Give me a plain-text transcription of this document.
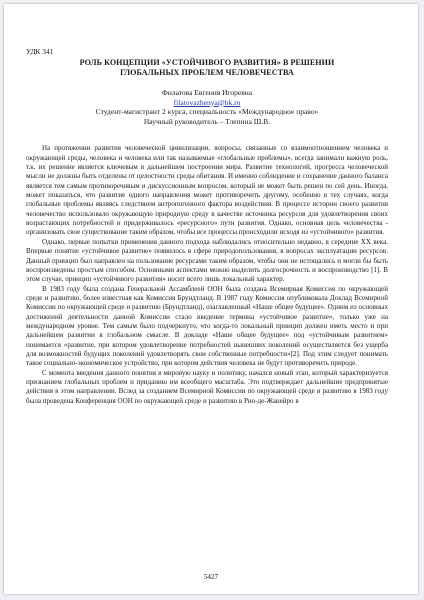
УДК 341
РОЛЬ КОНЦЕПЦИИ «УСТОЙЧИВОГО РАЗВИТИЯ» В РЕШЕНИИ
ГЛОБАЛЬНЫХ ПРОБЛЕМ ЧЕЛОВЕЧЕСТВА
Филатова Евгения Игоревна
filatovazhenya@bk.ru
Студент-магистрант 2 курса, специальность «Международное право»
Научный руководитель – Тлепина Ш.В.

На протяжении развития человеческой цивилизации, вопросы, связанные со взаимоотношением человека и окружающей среды, человека и человека или так называемые «глобальные проблемы», всегда занимали важную роль, т.к. их решение является ключевым в дальнейшем построении мира. Развитие технологий, прогресса человеческой мысли не должны быть отделены от целостности среды обитания. И именно соблюдение и сохранение данного баланса является тем самым противоречивым и дискуссионным вопросом, который не может быть решен по сей день. Иногда, может показаться, что развитие одного направления может противоречить другому, особенно в тех случаях, когда глобальные проблемы являясь следствием антропогенного фактора воздействия. В процессе истории своего развития человечество использовало окружающую природную среду в качестве источника ресурсов для удовлетворения своих возрастающих потребностей и придерживалось «ресурсного» пути развития. Однако, основная цель человечества - организовать свое существование таким образом, чтобы все процессы происходили исходя из «устойчивого» развития.

Однако, первые попытки применения данного подхода наблюдались относительно недавно, в середине XX века. Впервые понятие «устойчивое развитие» появилось в сфере природопользования, в вопросах эксплуатации ресурсов. Данный принцип был направлен на пользование ресурсами таким образом, чтобы они не истощались и могли бы быть воспроизведены простым способом. Основными аспектами можно выделить долгосрочность и воспроизводство [1]. В этом случае, принцип «устойчивого развития» носит всего лишь локальный характер.

В 1983 году была создана Генеральной Ассамблеей ООН была создана Всемирная Комиссия по окружающей среде и развитию, более известная как Комиссия Брундтланд. В 1987 году Комиссия опубликовала Доклад Всемирной Комиссии по окружающей среде и развитию (Брундтланд), озаглавленный «Наше общее будущее». Одним из основных достижений деятельности данной Комиссии стало введение термина «устойчивое развитие», только уже на международном уровне. Тем самым было подчеркнуто, что когда-то локальный принцип должен иметь место и при дальнейшем развитии в глобальном смысле. В докладе «Наше общее будущее» под «устойчивым развитием» понимается «развитие, при котором удовлетворение потребностей нынешних поколений осуществляется без ущерба для возможностей будущих поколений удовлетворять свои собственные потребности»[2]. Под этим следует понимать такое социально-экономическое устройство, при котором действия человека не будут противоречить природе.

С момента введения данного понятия в мировую науку и политику, начался новый этап, который характеризуется признанием глобальных проблем и приданию им всеобщего масштаба. Это подтверждает дальнейшие предпринятые действия в этом направлении. Вслед за созданием Всемирной Комиссии по окружающей среде и развитию в 1983 году была проведена Конференция ООН по окружающей среде и развитию в Рио-де-Жанейро в

5427
